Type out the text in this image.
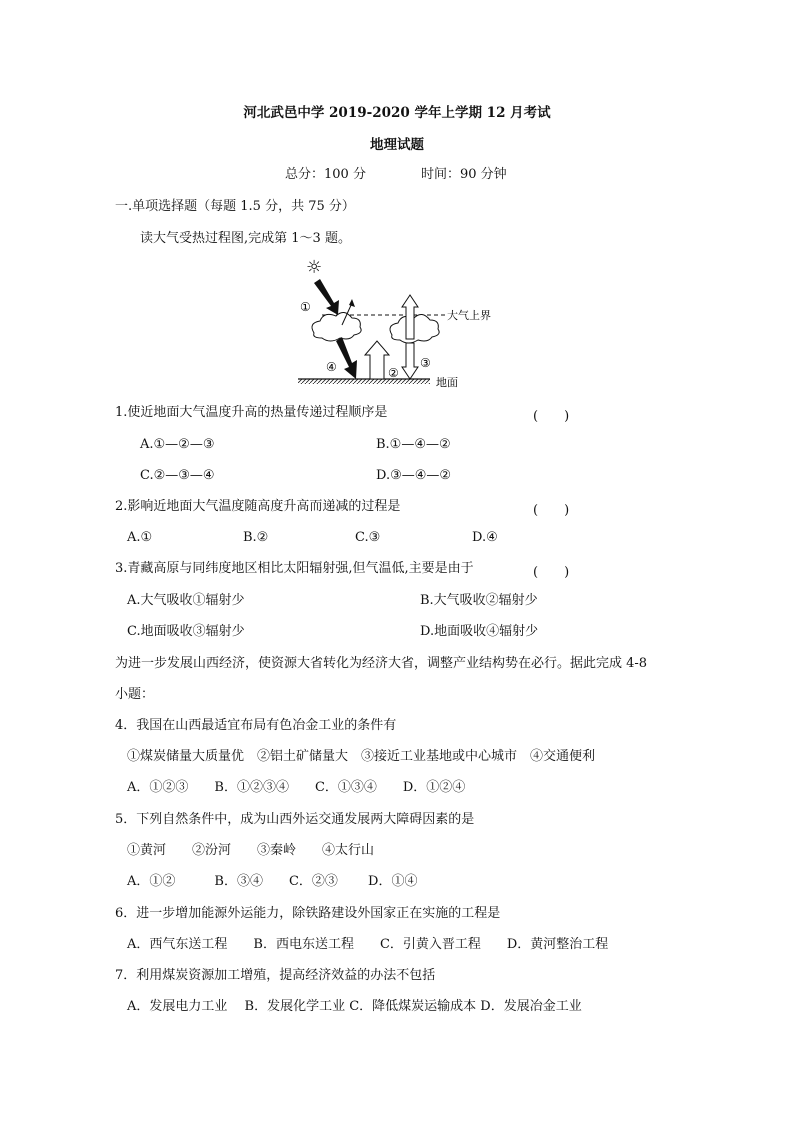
河北武邑中学 2019-2020 学年上学期 12 月考试
地理试题
总分：100 分	时间：90 分钟
一.单项选择题（每题 1.5 分，共 75 分）
读大气受热过程图,完成第 1～3 题。
☼
大气上界
地面
①
④	②
③
1.使近地面大气温度升高的热量传递过程顺序是	(　　)
A.①—②—③	B.①—④—②
C.②—③—④	D.③—④—②
2.影响近地面大气温度随高度升高而递减的过程是	(　　)
A.①	B.②	C.③	D.④
3.青藏高原与同纬度地区相比太阳辐射强,但气温低,主要是由于	(　　)
A.大气吸收①辐射少	B.大气吸收②辐射少
C.地面吸收③辐射少	D.地面吸收④辐射少
为进一步发展山西经济，使资源大省转化为经济大省，调整产业结构势在必行。据此完成 4-8
小题：
4．我国在山西最适宜布局有色冶金工业的条件有
①煤炭储量大质量优　②铝土矿储量大　③接近工业基地或中心城市　④交通便利
A．①②③　　B．①②③④　　C．①③④　　D．①②④
5．下列自然条件中，成为山西外运交通发展两大障碍因素的是
①黄河　　②汾河　　③秦岭　　④太行山
A．①②　　　B．③④　　C．②③　　 D．①④
6．进一步增加能源外运能力，除铁路建设外国家正在实施的工程是
A．西气东送工程　　B．西电东送工程　　C．引黄入晋工程　　D．黄河整治工程
7．利用煤炭资源加工增殖，提高经济效益的办法不包括
A．发展电力工业　 B．发展化学工业 C．降低煤炭运输成本 D．发展冶金工业
